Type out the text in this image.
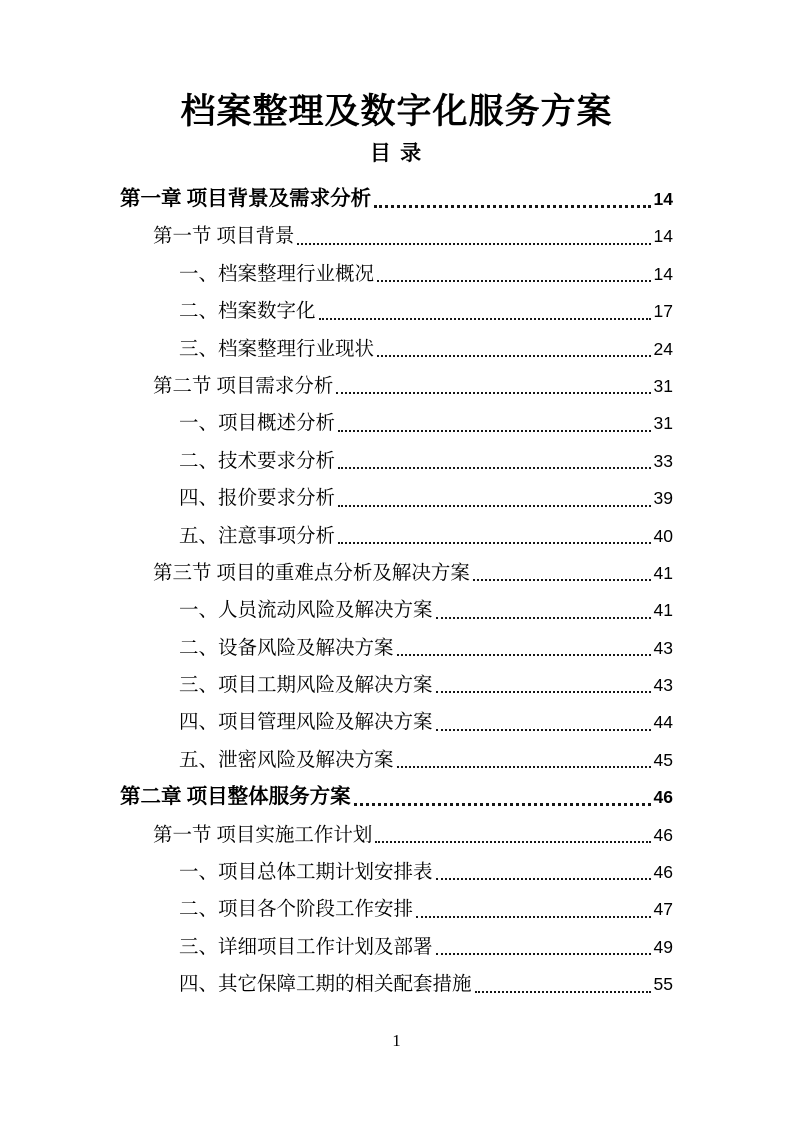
档案整理及数字化服务方案
目 录
第一章 项目背景及需求分析	14
第一节 项目背景	14
一、档案整理行业概况	14
二、档案数字化	17
三、档案整理行业现状	24
第二节 项目需求分析	31
一、项目概述分析	31
二、技术要求分析	33
四、报价要求分析	39
五、注意事项分析	40
第三节 项目的重难点分析及解决方案	41
一、人员流动风险及解决方案	41
二、设备风险及解决方案	43
三、项目工期风险及解决方案	43
四、项目管理风险及解决方案	44
五、泄密风险及解决方案	45
第二章 项目整体服务方案	46
第一节 项目实施工作计划	46
一、项目总体工期计划安排表	46
二、项目各个阶段工作安排	47
三、详细项目工作计划及部署	49
四、其它保障工期的相关配套措施	55
1
